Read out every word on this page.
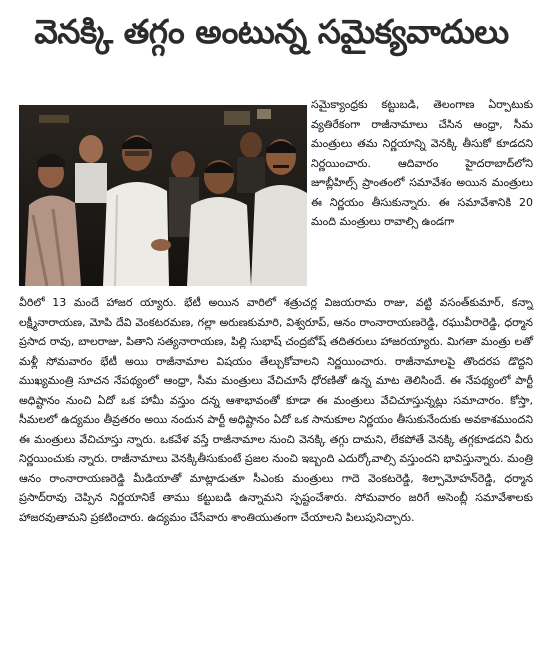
వెనక్కి తగ్గం అంటున్న సమైక్యవాదులు

సమైక్యాంధ్రకు కట్టుబడి, తెలంగాణ ఏర్పాటుకు వ్యతిరేకంగా రాజీనామాలు చేసిన ఆంధ్రా, సీమ మంత్రులు తమ నిర్ణయాన్ని వెనక్కి తీసుకో కూడదని నిర్ణయించారు. ఆదివారం హైదరాబాద్‌లోని జూబ్లీహిల్స్ ప్రాంతంలో సమావేశం అయిన మంత్రులు ఈ నిర్ణయం తీసుకున్నారు. ఈ సమావేశానికి 20 మంది మంత్రులు రావాల్సి ఉండగా

వీరిలో 13 మందే హాజర య్యారు. భేటీ అయిన వారిలో శత్రుచర్ల విజయరామ రాజు, వట్టి వసంత్‌కుమార్, కన్నా లక్ష్మీనారాయణ, మోపి దేవి వెంకటరమణ, గల్లా అరుణకుమారి, విశ్వరూప్, ఆనం రాంనారాయణరెడ్డి, రఘువీరారెడ్డి, ధర్మాన ప్రసాద రావు, బాలరాజు, పితాని సత్యనారాయణ, పిల్లి సుభాష్ చంద్రబోష్ తదితరులు హాజరయ్యారు. మిగతా మంత్రు లతో మళ్లీ సోమవారం భేటీ అయి రాజీనామాల విషయం తేల్చుకోవాలని నిర్ణయించారు. రాజీనామాలపై తొందరప డొద్దని ముఖ్యమంత్రి సూచన నేపథ్యంలో ఆంధ్రా, సీమ మంత్రులు వేచిచూసే ధోరణితో ఉన్న మాట తెలిసిందే. ఈ నేపథ్యంలో పార్టీ అధిష్టానం నుంచి ఏదో ఒక హామీ వస్తుం దన్న ఆశాభావంతో కూడా ఈ మంత్రులు వేచిచూస్తున్నట్లు సమాచారం. కోస్తా, సీమలలో ఉద్యమం తీవ్రతరం అయి నందున పార్టీ అధిష్టానం ఏదో ఒక సానుకూల నిర్ణయం తీసుకునేందుకు అవకాశముందని ఈ మంత్రులు వేచిచూస్తు న్నారు. ఒకవేళ వస్తే రాజీనామాల నుంచి వెనక్కి తగ్గు దామని, లేకపోతే వెనక్కి తగ్గకూడదని వీరు నిర్ణయించుకు న్నారు. రాజీనామాలు వెనక్కితీసుకుంటే ప్రజల నుంచి ఇబ్బంది ఎదుర్కోవాల్సి వస్తుందని భావిస్తున్నారు. మంత్రి ఆనం రాంనారాయణరెడ్డి మీడియాతో మాట్లాడుతూ సీఎంకు మంత్రులు గాదె వెంకటరెడ్డి, శిల్పామోహన్‌రెడ్డి, ధర్మాన ప్రసాద్‌రావు చెప్పిన నిర్ణయానికే తాము కట్టుబడి ఉన్నామని స్పష్టంచేశారు. సోమవారం జరిగే అసెంబ్లీ సమావేశాలకు హాజరవుతామని ప్రకటించారు. ఉద్యమం చేసేవారు శాంతియుతంగా చేయాలని పిలుపునిచ్చారు.
